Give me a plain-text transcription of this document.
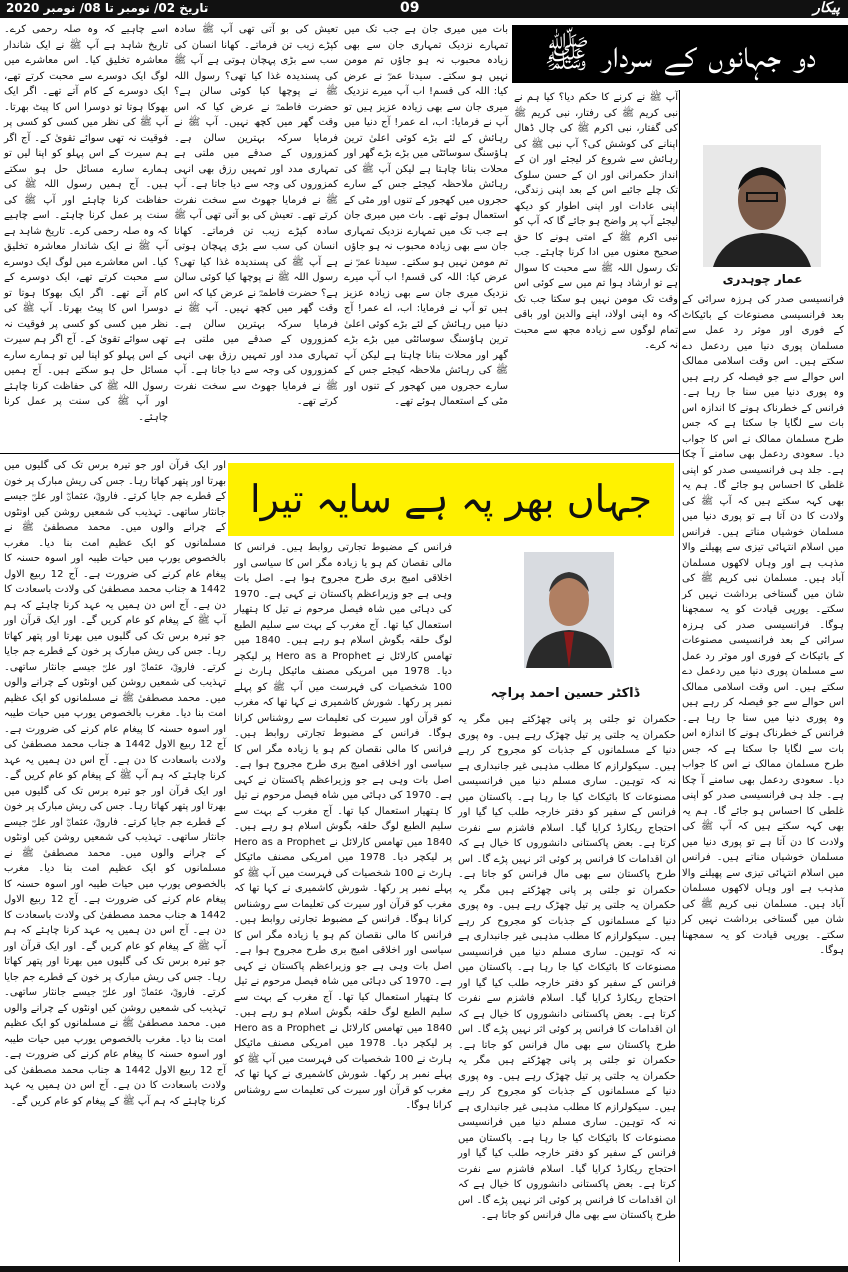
تاریخ 02/ نومبر تا 08/ نومبر 2020	09	پیکار
دو جہانوں کے سردار ﷺ
عمار چوہدری

آپ ﷺ نے کرنے کا حکم دیا؟ کیا ہم نے نبی کریم ﷺ کی رفتار، نبی کریم ﷺ کی گفتار، نبی اکرم ﷺ کی چال ڈھال اپنانے کی کوشش کی؟ آپ نبی ﷺ کی رہائش سے شروع کر لیجئے اور ان کے انداز حکمرانی اور ان کے حسن سلوک تک چلے جائیے اس کے بعد اپنی زندگی، اپنی عادات اور اپنی اطوار کو دیکھ لیجئے آپ پر واضح ہو جائے گا کہ آپ کو نبی اکرم ﷺ کے امتی ہونے کا حق صحیح معنوں میں ادا کرنا چاہئے۔ جب تک رسول اللہ ﷺ سے محبت کا سوال ہے تو ارشاد ہوا تم میں سے کوئی اس وقت تک مومن نہیں ہو سکتا جب تک کہ وہ اپنی اولاد، اپنے والدین اور باقی تمام لوگوں سے زیادہ مجھ سے محبت نہ کرے۔

بات میں میری جان ہے جب تک میں تمہارے نزدیک تمہاری جان سے بھی زیادہ محبوب نہ ہو جاؤں تم مومن نہیں ہو سکتے۔ سیدنا عمرؓ نے عرض کیا: اللہ کی قسم! اب آپ میرے نزدیک میری جان سے بھی زیادہ عزیز ہیں تو آپ نے فرمایا: اب، اے عمر! آج دنیا میں رہائش کے لئے بڑے کوئی اعلیٰ ترین ہاؤسنگ سوسائٹی میں بڑے بڑے گھر اور محلات بنانا چاہتا ہے لیکن آپ ﷺ کی رہائش ملاحظہ کیجئے جس کے سارے حجروں میں کھجور کے تنوں اور مٹی کے استعمال ہوئے تھے۔ بات میں میری جان ہے جب تک میں تمہارے نزدیک تمہاری جان سے بھی زیادہ محبوب نہ ہو جاؤں تم مومن نہیں ہو سکتے۔ سیدنا عمرؓ نے عرض کیا: اللہ کی قسم! اب آپ میرے نزدیک میری جان سے بھی زیادہ عزیز ہیں تو آپ نے فرمایا: اب، اے عمر! آج دنیا میں رہائش کے لئے بڑے کوئی اعلیٰ ترین ہاؤسنگ سوسائٹی میں بڑے بڑے گھر اور محلات بنانا چاہتا ہے لیکن آپ ﷺ کی رہائش ملاحظہ کیجئے جس کے سارے حجروں میں کھجور کے تنوں اور مٹی کے استعمال ہوئے تھے۔

تعیش کی بو آتی تھی آپ ﷺ سادہ کپڑے زیب تن فرماتے۔ کھانا انسان کی سب سے بڑی پہچان ہوتی ہے آپ ﷺ کی پسندیدہ غذا کیا تھی؟ رسول اللہ ﷺ نے پوچھا کیا کوئی سالن ہے؟ حضرت فاطمہؓ نے عرض کیا کہ اس وقت گھر میں کچھ نہیں۔ آپ ﷺ نے فرمایا سرکہ بہترین سالن ہے۔ کمزوروں کے صدقے میں ملتی ہے تمہاری مدد اور تمہیں رزق بھی انہی کمزوروں کی وجہ سے دیا جاتا ہے۔ آپ ﷺ نے فرمایا جھوٹ سے سخت نفرت کرتے تھے۔ تعیش کی بو آتی تھی آپ ﷺ سادہ کپڑے زیب تن فرماتے۔ کھانا انسان کی سب سے بڑی پہچان ہوتی ہے آپ ﷺ کی پسندیدہ غذا کیا تھی؟ رسول اللہ ﷺ نے پوچھا کیا کوئی سالن ہے؟ حضرت فاطمہؓ نے عرض کیا کہ اس وقت گھر میں کچھ نہیں۔ آپ ﷺ نے فرمایا سرکہ بہترین سالن ہے۔ کمزوروں کے صدقے میں ملتی ہے تمہاری مدد اور تمہیں رزق بھی انہی کمزوروں کی وجہ سے دیا جاتا ہے۔ آپ ﷺ نے فرمایا جھوٹ سے سخت نفرت کرتے تھے۔

اسے چاہیے کہ وہ صلہ رحمی کرے۔ تاریخ شاہد ہے آپ ﷺ نے ایک شاندار معاشرہ تخلیق کیا۔ اس معاشرے میں لوگ ایک دوسرے سے محبت کرتے تھے، ایک دوسرے کے کام آتے تھے۔ اگر ایک بھوکا ہوتا تو دوسرا اس کا پیٹ بھرتا۔ آپ ﷺ کی نظر میں کسی کو کسی پر فوقیت نہ تھی سوائے تقویٰ کے۔ آج اگر ہم سیرت کے اس پہلو کو اپنا لیں تو ہمارے سارے مسائل حل ہو سکتے ہیں۔ آج ہمیں رسول اللہ ﷺ کی حفاظت کرنا چاہئے اور آپ ﷺ کی سنت پر عمل کرنا چاہئے۔ اسے چاہیے کہ وہ صلہ رحمی کرے۔ تاریخ شاہد ہے آپ ﷺ نے ایک شاندار معاشرہ تخلیق کیا۔ اس معاشرے میں لوگ ایک دوسرے سے محبت کرتے تھے، ایک دوسرے کے کام آتے تھے۔ اگر ایک بھوکا ہوتا تو دوسرا اس کا پیٹ بھرتا۔ آپ ﷺ کی نظر میں کسی کو کسی پر فوقیت نہ تھی سوائے تقویٰ کے۔ آج اگر ہم سیرت کے اس پہلو کو اپنا لیں تو ہمارے سارے مسائل حل ہو سکتے ہیں۔ آج ہمیں رسول اللہ ﷺ کی حفاظت کرنا چاہئے اور آپ ﷺ کی سنت پر عمل کرنا چاہئے۔

فرانسیسی صدر کی ہرزہ سرائی کے بعد فرانسیسی مصنوعات کے بائیکاٹ کے فوری اور موثر رد عمل سے مسلمان پوری دنیا میں ردعمل دے سکتے ہیں۔ اس وقت اسلامی ممالک اس حوالے سے جو فیصلہ کر رہے ہیں وہ پوری دنیا میں سنا جا رہا ہے۔ فرانس کے خطرناک ہونے کا اندازہ اس بات سے لگایا جا سکتا ہے کہ جس طرح مسلمان ممالک نے اس کا جواب دیا۔ سعودی ردعمل بھی سامنے آ چکا ہے۔ جلد ہی فرانسیسی صدر کو اپنی غلطی کا احساس ہو جائے گا۔ ہم یہ بھی کہہ سکتے ہیں کہ آپ ﷺ کی ولادت کا دن آتا ہے تو پوری دنیا میں مسلمان خوشیاں مناتے ہیں۔ فرانس میں اسلام انتہائی تیزی سے پھیلنے والا مذہب ہے اور وہاں لاکھوں مسلمان آباد ہیں۔ مسلمان نبی کریم ﷺ کی شان میں گستاخی برداشت نہیں کر سکتے۔ یورپی قیادت کو یہ سمجھنا ہوگا۔ فرانسیسی صدر کی ہرزہ سرائی کے بعد فرانسیسی مصنوعات کے بائیکاٹ کے فوری اور موثر رد عمل سے مسلمان پوری دنیا میں ردعمل دے سکتے ہیں۔ اس وقت اسلامی ممالک اس حوالے سے جو فیصلہ کر رہے ہیں وہ پوری دنیا میں سنا جا رہا ہے۔ فرانس کے خطرناک ہونے کا اندازہ اس بات سے لگایا جا سکتا ہے کہ جس طرح مسلمان ممالک نے اس کا جواب دیا۔ سعودی ردعمل بھی سامنے آ چکا ہے۔ جلد ہی فرانسیسی صدر کو اپنی غلطی کا احساس ہو جائے گا۔ ہم یہ بھی کہہ سکتے ہیں کہ آپ ﷺ کی ولادت کا دن آتا ہے تو پوری دنیا میں مسلمان خوشیاں مناتے ہیں۔ فرانس میں اسلام انتہائی تیزی سے پھیلنے والا مذہب ہے اور وہاں لاکھوں مسلمان آباد ہیں۔ مسلمان نبی کریم ﷺ کی شان میں گستاخی برداشت نہیں کر سکتے۔ یورپی قیادت کو یہ سمجھنا ہوگا۔

جہاں بھر پہ ہے سایہ تیرا
ڈاکٹر حسین احمد پراچہ

حکمران تو جلتی پر پانی چھڑکتے ہیں مگر یہ حکمران یہ جلتی پر تیل چھڑک رہے ہیں۔ وہ پوری دنیا کے مسلمانوں کے جذبات کو مجروح کر رہے ہیں۔ سیکولرازم کا مطلب مذہبی غیر جانبداری ہے نہ کہ توہین۔ ساری مسلم دنیا میں فرانسیسی مصنوعات کا بائیکاٹ کیا جا رہا ہے۔ پاکستان میں فرانس کے سفیر کو دفتر خارجہ طلب کیا گیا اور احتجاج ریکارڈ کرایا گیا۔ اسلام فاشزم سے نفرت کرتا ہے۔ بعض پاکستانی دانشوروں کا خیال ہے کہ ان اقدامات کا فرانس پر کوئی اثر نہیں پڑے گا۔ اس طرح پاکستان سے بھی مال فرانس کو جاتا ہے۔ حکمران تو جلتی پر پانی چھڑکتے ہیں مگر یہ حکمران یہ جلتی پر تیل چھڑک رہے ہیں۔ وہ پوری دنیا کے مسلمانوں کے جذبات کو مجروح کر رہے ہیں۔ سیکولرازم کا مطلب مذہبی غیر جانبداری ہے نہ کہ توہین۔ ساری مسلم دنیا میں فرانسیسی مصنوعات کا بائیکاٹ کیا جا رہا ہے۔ پاکستان میں فرانس کے سفیر کو دفتر خارجہ طلب کیا گیا اور احتجاج ریکارڈ کرایا گیا۔ اسلام فاشزم سے نفرت کرتا ہے۔ بعض پاکستانی دانشوروں کا خیال ہے کہ ان اقدامات کا فرانس پر کوئی اثر نہیں پڑے گا۔ اس طرح پاکستان سے بھی مال فرانس کو جاتا ہے۔ حکمران تو جلتی پر پانی چھڑکتے ہیں مگر یہ حکمران یہ جلتی پر تیل چھڑک رہے ہیں۔ وہ پوری دنیا کے مسلمانوں کے جذبات کو مجروح کر رہے ہیں۔ سیکولرازم کا مطلب مذہبی غیر جانبداری ہے نہ کہ توہین۔ ساری مسلم دنیا میں فرانسیسی مصنوعات کا بائیکاٹ کیا جا رہا ہے۔ پاکستان میں فرانس کے سفیر کو دفتر خارجہ طلب کیا گیا اور احتجاج ریکارڈ کرایا گیا۔ اسلام فاشزم سے نفرت کرتا ہے۔ بعض پاکستانی دانشوروں کا خیال ہے کہ ان اقدامات کا فرانس پر کوئی اثر نہیں پڑے گا۔ اس طرح پاکستان سے بھی مال فرانس کو جاتا ہے۔

فرانس کے مضبوط تجارتی روابط ہیں۔ فرانس کا مالی نقصان کم ہو یا زیادہ مگر اس کا سیاسی اور اخلاقی امیج بری طرح مجروح ہوا ہے۔ اصل بات وہی ہے جو وزیراعظم پاکستان نے کہی ہے۔ 1970 کی دہائی میں شاہ فیصل مرحوم نے تیل کا ہتھیار استعمال کیا تھا۔ آج مغرب کے بہت سے سلیم الطبع لوگ حلقہ بگوش اسلام ہو رہے ہیں۔ 1840 میں تھامس کارلائل نے Hero as a Prophet پر لیکچر دیا۔ 1978 میں امریکی مصنف مائیکل ہارٹ نے 100 شخصیات کی فہرست میں آپ ﷺ کو پہلے نمبر پر رکھا۔ شورش کاشمیری نے کہا تھا کہ مغرب کو قرآن اور سیرت کی تعلیمات سے روشناس کرانا ہوگا۔ فرانس کے مضبوط تجارتی روابط ہیں۔ فرانس کا مالی نقصان کم ہو یا زیادہ مگر اس کا سیاسی اور اخلاقی امیج بری طرح مجروح ہوا ہے۔ اصل بات وہی ہے جو وزیراعظم پاکستان نے کہی ہے۔ 1970 کی دہائی میں شاہ فیصل مرحوم نے تیل کا ہتھیار استعمال کیا تھا۔ آج مغرب کے بہت سے سلیم الطبع لوگ حلقہ بگوش اسلام ہو رہے ہیں۔ 1840 میں تھامس کارلائل نے Hero as a Prophet پر لیکچر دیا۔ 1978 میں امریکی مصنف مائیکل ہارٹ نے 100 شخصیات کی فہرست میں آپ ﷺ کو پہلے نمبر پر رکھا۔ شورش کاشمیری نے کہا تھا کہ مغرب کو قرآن اور سیرت کی تعلیمات سے روشناس کرانا ہوگا۔ فرانس کے مضبوط تجارتی روابط ہیں۔ فرانس کا مالی نقصان کم ہو یا زیادہ مگر اس کا سیاسی اور اخلاقی امیج بری طرح مجروح ہوا ہے۔ اصل بات وہی ہے جو وزیراعظم پاکستان نے کہی ہے۔ 1970 کی دہائی میں شاہ فیصل مرحوم نے تیل کا ہتھیار استعمال کیا تھا۔ آج مغرب کے بہت سے سلیم الطبع لوگ حلقہ بگوش اسلام ہو رہے ہیں۔ 1840 میں تھامس کارلائل نے Hero as a Prophet پر لیکچر دیا۔ 1978 میں امریکی مصنف مائیکل ہارٹ نے 100 شخصیات کی فہرست میں آپ ﷺ کو پہلے نمبر پر رکھا۔ شورش کاشمیری نے کہا تھا کہ مغرب کو قرآن اور سیرت کی تعلیمات سے روشناس کرانا ہوگا۔

اور ایک قرآن اور جو تیرہ برس تک کی گلیوں میں بھرتا اور پتھر کھاتا رہا۔ جس کی ریش مبارک پر خون کے قطرے جم جایا کرتے۔ فاروقؓ، عثمانؓ اور علیؓ جیسے جانثار ساتھی۔ تہذیب کی شمعیں روشن کیں اونٹوں کے چرانے والوں میں۔ محمد مصطفیٰ ﷺ نے مسلمانوں کو ایک عظیم امت بنا دیا۔ مغرب بالخصوص یورپ میں حیات طیبہ اور اسوہ حسنہ کا پیغام عام کرنے کی ضرورت ہے۔ آج 12 ربیع الاول 1442 ھ جناب محمد مصطفیٰ کی ولادت باسعادت کا دن ہے۔ آج اس دن ہمیں یہ عہد کرنا چاہئے کہ ہم آپ ﷺ کے پیغام کو عام کریں گے۔ اور ایک قرآن اور جو تیرہ برس تک کی گلیوں میں بھرتا اور پتھر کھاتا رہا۔ جس کی ریش مبارک پر خون کے قطرے جم جایا کرتے۔ فاروقؓ، عثمانؓ اور علیؓ جیسے جانثار ساتھی۔ تہذیب کی شمعیں روشن کیں اونٹوں کے چرانے والوں میں۔ محمد مصطفیٰ ﷺ نے مسلمانوں کو ایک عظیم امت بنا دیا۔ مغرب بالخصوص یورپ میں حیات طیبہ اور اسوہ حسنہ کا پیغام عام کرنے کی ضرورت ہے۔ آج 12 ربیع الاول 1442 ھ جناب محمد مصطفیٰ کی ولادت باسعادت کا دن ہے۔ آج اس دن ہمیں یہ عہد کرنا چاہئے کہ ہم آپ ﷺ کے پیغام کو عام کریں گے۔ اور ایک قرآن اور جو تیرہ برس تک کی گلیوں میں بھرتا اور پتھر کھاتا رہا۔ جس کی ریش مبارک پر خون کے قطرے جم جایا کرتے۔ فاروقؓ، عثمانؓ اور علیؓ جیسے جانثار ساتھی۔ تہذیب کی شمعیں روشن کیں اونٹوں کے چرانے والوں میں۔ محمد مصطفیٰ ﷺ نے مسلمانوں کو ایک عظیم امت بنا دیا۔ مغرب بالخصوص یورپ میں حیات طیبہ اور اسوہ حسنہ کا پیغام عام کرنے کی ضرورت ہے۔ آج 12 ربیع الاول 1442 ھ جناب محمد مصطفیٰ کی ولادت باسعادت کا دن ہے۔ آج اس دن ہمیں یہ عہد کرنا چاہئے کہ ہم آپ ﷺ کے پیغام کو عام کریں گے۔ اور ایک قرآن اور جو تیرہ برس تک کی گلیوں میں بھرتا اور پتھر کھاتا رہا۔ جس کی ریش مبارک پر خون کے قطرے جم جایا کرتے۔ فاروقؓ، عثمانؓ اور علیؓ جیسے جانثار ساتھی۔ تہذیب کی شمعیں روشن کیں اونٹوں کے چرانے والوں میں۔ محمد مصطفیٰ ﷺ نے مسلمانوں کو ایک عظیم امت بنا دیا۔ مغرب بالخصوص یورپ میں حیات طیبہ اور اسوہ حسنہ کا پیغام عام کرنے کی ضرورت ہے۔ آج 12 ربیع الاول 1442 ھ جناب محمد مصطفیٰ کی ولادت باسعادت کا دن ہے۔ آج اس دن ہمیں یہ عہد کرنا چاہئے کہ ہم آپ ﷺ کے پیغام کو عام کریں گے۔
